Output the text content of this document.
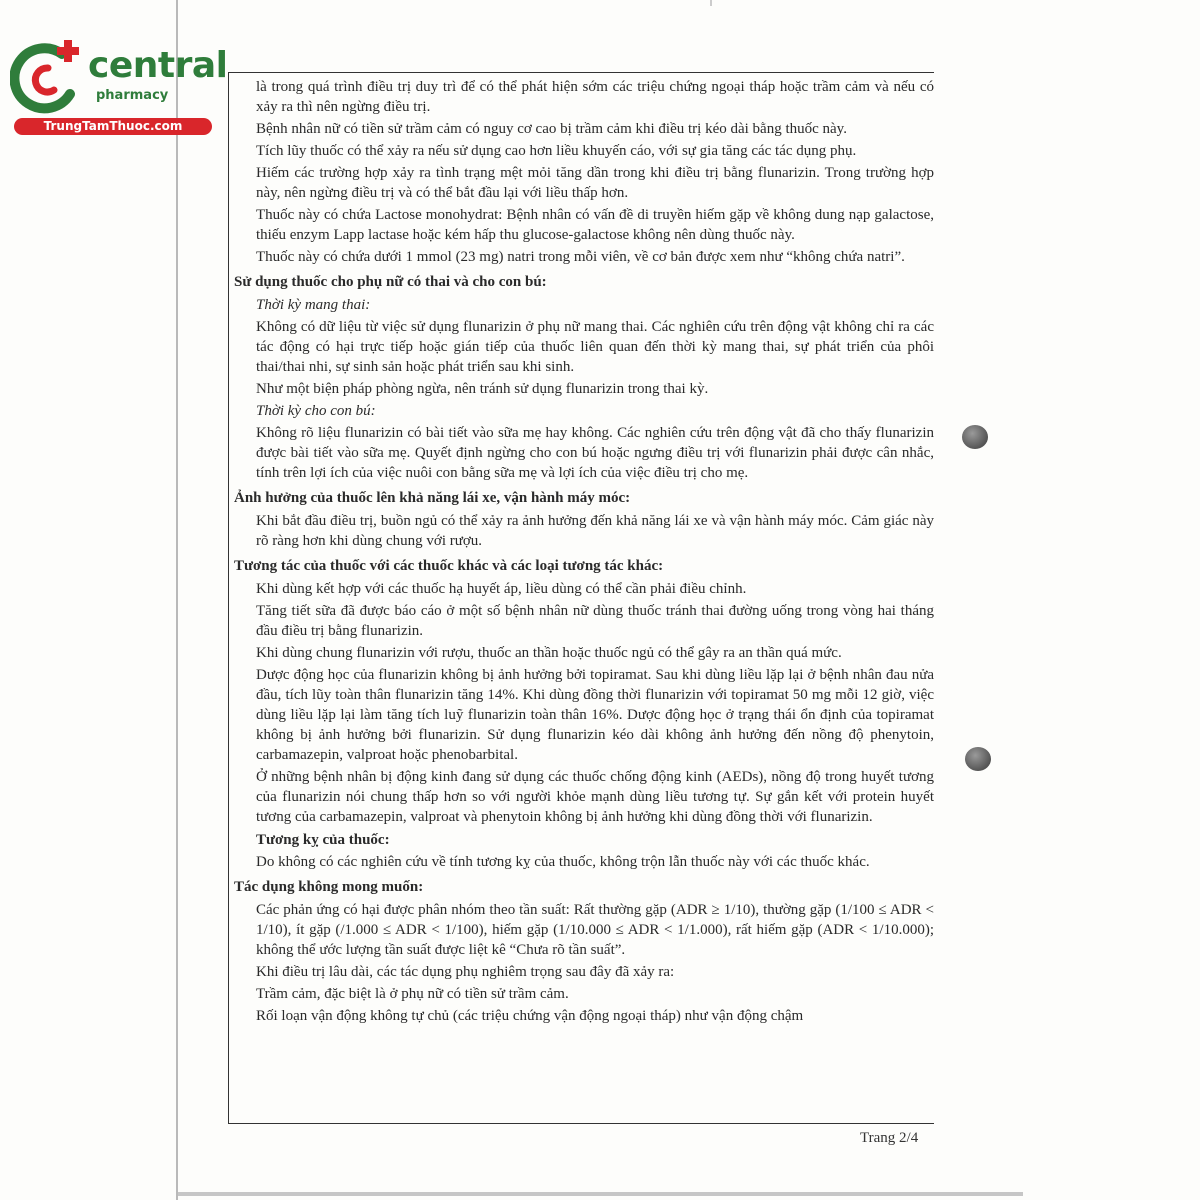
central
pharmacy
TrungTamThuoc.com

là trong quá trình điều trị duy trì để có thể phát hiện sớm các triệu chứng ngoại tháp hoặc trầm cảm và nếu có xảy ra thì nên ngừng điều trị.

Bệnh nhân nữ có tiền sử trầm cảm có nguy cơ cao bị trầm cảm khi điều trị kéo dài bằng thuốc này.

Tích lũy thuốc có thể xảy ra nếu sử dụng cao hơn liều khuyến cáo, với sự gia tăng các tác dụng phụ.

Hiếm các trường hợp xảy ra tình trạng mệt mỏi tăng dần trong khi điều trị bằng flunarizin. Trong trường hợp này, nên ngừng điều trị và có thể bắt đầu lại với liều thấp hơn.

Thuốc này có chứa Lactose monohydrat: Bệnh nhân có vấn đề di truyền hiếm gặp về không dung nạp galactose, thiếu enzym Lapp lactase hoặc kém hấp thu glucose-galactose không nên dùng thuốc này.

Thuốc này có chứa dưới 1 mmol (23 mg) natri trong mỗi viên, về cơ bản được xem như “không chứa natri”.

Sử dụng thuốc cho phụ nữ có thai và cho con bú:

Thời kỳ mang thai:

Không có dữ liệu từ việc sử dụng flunarizin ở phụ nữ mang thai. Các nghiên cứu trên động vật không chỉ ra các tác động có hại trực tiếp hoặc gián tiếp của thuốc liên quan đến thời kỳ mang thai, sự phát triển của phôi thai/thai nhi, sự sinh sản hoặc phát triển sau khi sinh.

Như một biện pháp phòng ngừa, nên tránh sử dụng flunarizin trong thai kỳ.

Thời kỳ cho con bú:

Không rõ liệu flunarizin có bài tiết vào sữa mẹ hay không. Các nghiên cứu trên động vật đã cho thấy flunarizin được bài tiết vào sữa mẹ. Quyết định ngừng cho con bú hoặc ngưng điều trị với flunarizin phải được cân nhắc, tính trên lợi ích của việc nuôi con bằng sữa mẹ và lợi ích của việc điều trị cho mẹ.

Ảnh hưởng của thuốc lên khả năng lái xe, vận hành máy móc:

Khi bắt đầu điều trị, buồn ngủ có thể xảy ra ảnh hưởng đến khả năng lái xe và vận hành máy móc. Cảm giác này rõ ràng hơn khi dùng chung với rượu.

Tương tác của thuốc với các thuốc khác và các loại tương tác khác:

Khi dùng kết hợp với các thuốc hạ huyết áp, liều dùng có thể cần phải điều chỉnh.

Tăng tiết sữa đã được báo cáo ở một số bệnh nhân nữ dùng thuốc tránh thai đường uống trong vòng hai tháng đầu điều trị bằng flunarizin.

Khi dùng chung flunarizin với rượu, thuốc an thần hoặc thuốc ngủ có thể gây ra an thần quá mức.

Dược động học của flunarizin không bị ảnh hưởng bởi topiramat. Sau khi dùng liều lặp lại ở bệnh nhân đau nửa đầu, tích lũy toàn thân flunarizin tăng 14%. Khi dùng đồng thời flunarizin với topiramat 50 mg mỗi 12 giờ, việc dùng liều lặp lại làm tăng tích luỹ flunarizin toàn thân 16%. Dược động học ở trạng thái ổn định của topiramat không bị ảnh hưởng bởi flunarizin. Sử dụng flunarizin kéo dài không ảnh hưởng đến nồng độ phenytoin, carbamazepin, valproat hoặc phenobarbital.

Ở những bệnh nhân bị động kinh đang sử dụng các thuốc chống động kinh (AEDs), nồng độ trong huyết tương của flunarizin nói chung thấp hơn so với người khỏe mạnh dùng liều tương tự. Sự gắn kết với protein huyết tương của carbamazepin, valproat và phenytoin không bị ảnh hưởng khi dùng đồng thời với flunarizin.

Tương kỵ của thuốc:

Do không có các nghiên cứu về tính tương kỵ của thuốc, không trộn lẫn thuốc này với các thuốc khác.

Tác dụng không mong muốn:

Các phản ứng có hại được phân nhóm theo tần suất: Rất thường gặp (ADR ≥ 1/10), thường gặp (1/100 ≤ ADR < 1/10), ít gặp (/1.000 ≤ ADR < 1/100), hiếm gặp (1/10.000 ≤ ADR < 1/1.000), rất hiếm gặp (ADR < 1/10.000); không thể ước lượng tần suất được liệt kê “Chưa rõ tần suất”.

Khi điều trị lâu dài, các tác dụng phụ nghiêm trọng sau đây đã xảy ra:

Trầm cảm, đặc biệt là ở phụ nữ có tiền sử trầm cảm.

Rối loạn vận động không tự chủ (các triệu chứng vận động ngoại tháp) như vận động chậm

Trang 2/4
